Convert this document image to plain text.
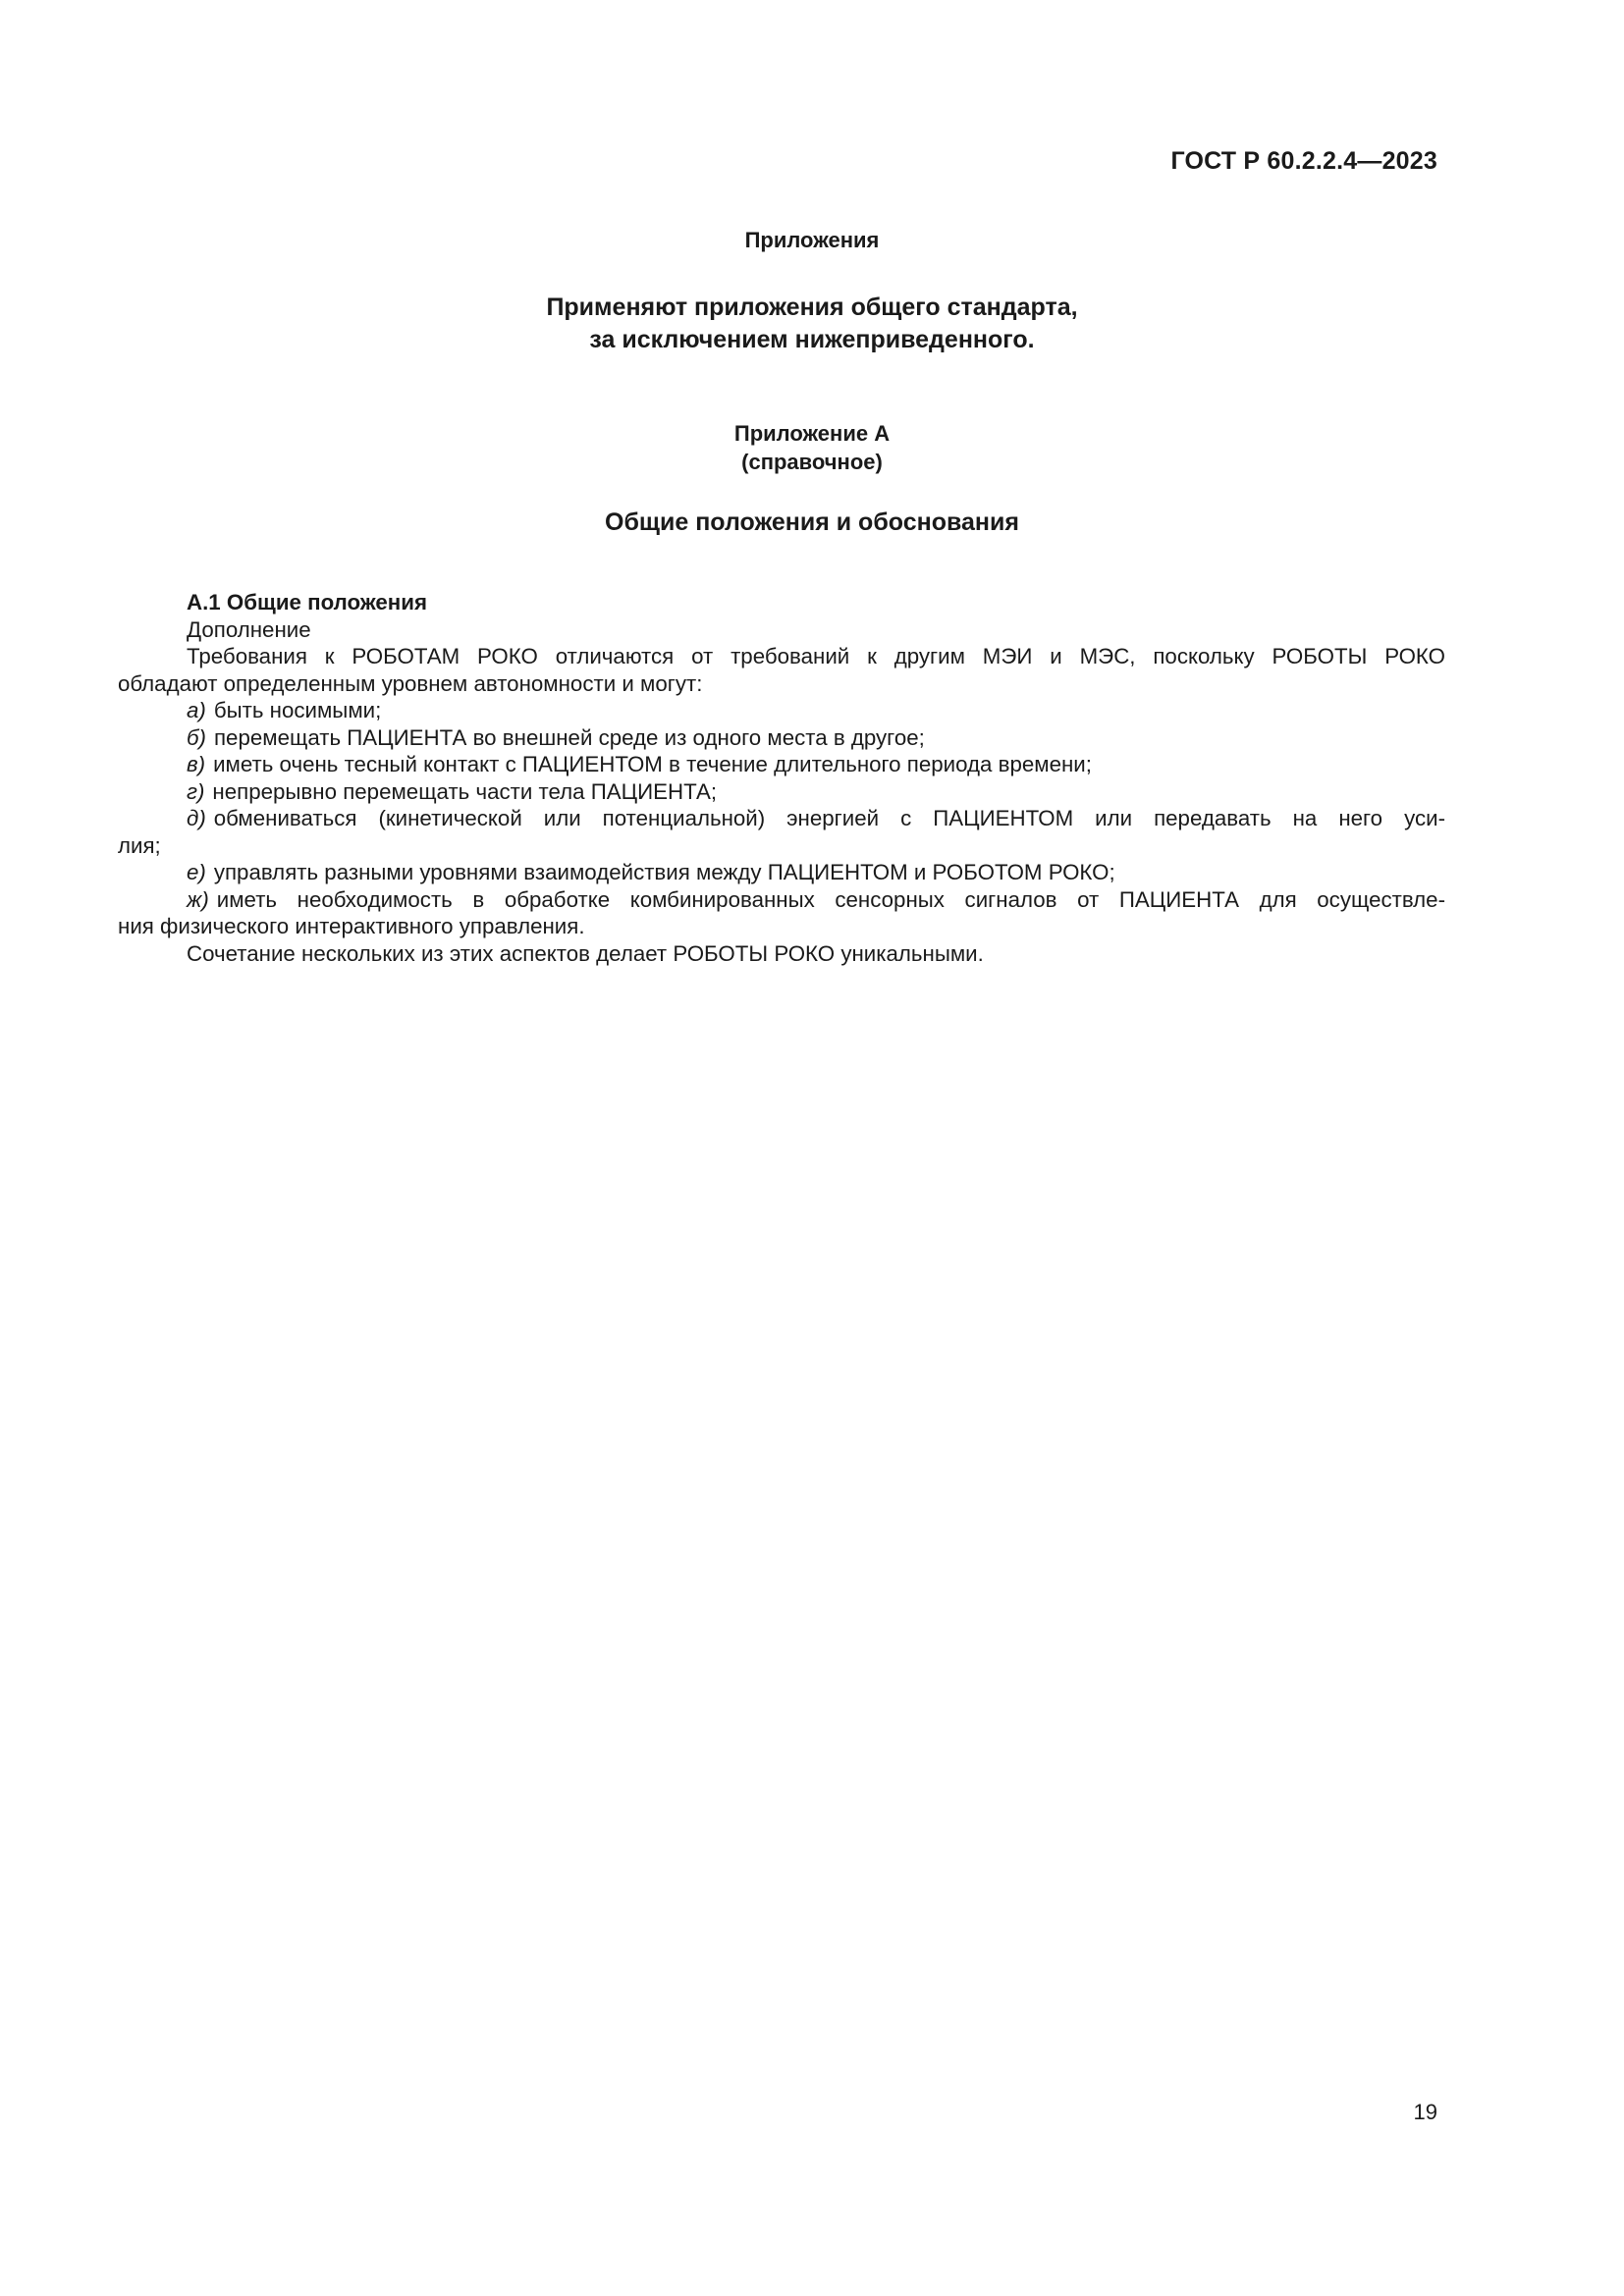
ГОСТ Р 60.2.2.4—2023
Приложения
Применяют приложения общего стандарта,
за исключением нижеприведенного.
Приложение А
(справочное)
Общие положения и обоснования

А.1 Общие положения

Дополнение

Требования к РОБОТАМ РОКО отличаются от требований к другим МЭИ и МЭС, поскольку РОБОТЫ РОКО

обладают определенным уровнем автономности и могут:

а) быть носимыми;

б) перемещать ПАЦИЕНТА во внешней среде из одного места в другое;

в) иметь очень тесный контакт с ПАЦИЕНТОМ в течение длительного периода времени;

г) непрерывно перемещать части тела ПАЦИЕНТА;

д) обмениваться (кинетической или потенциальной) энергией с ПАЦИЕНТОМ или передавать на него уси-

лия;

е) управлять разными уровнями взаимодействия между ПАЦИЕНТОМ и РОБОТОМ РОКО;

ж) иметь необходимость в обработке комбинированных сенсорных сигналов от ПАЦИЕНТА для осуществле-

ния физического интерактивного управления.

Сочетание нескольких из этих аспектов делает РОБОТЫ РОКО уникальными.

19
